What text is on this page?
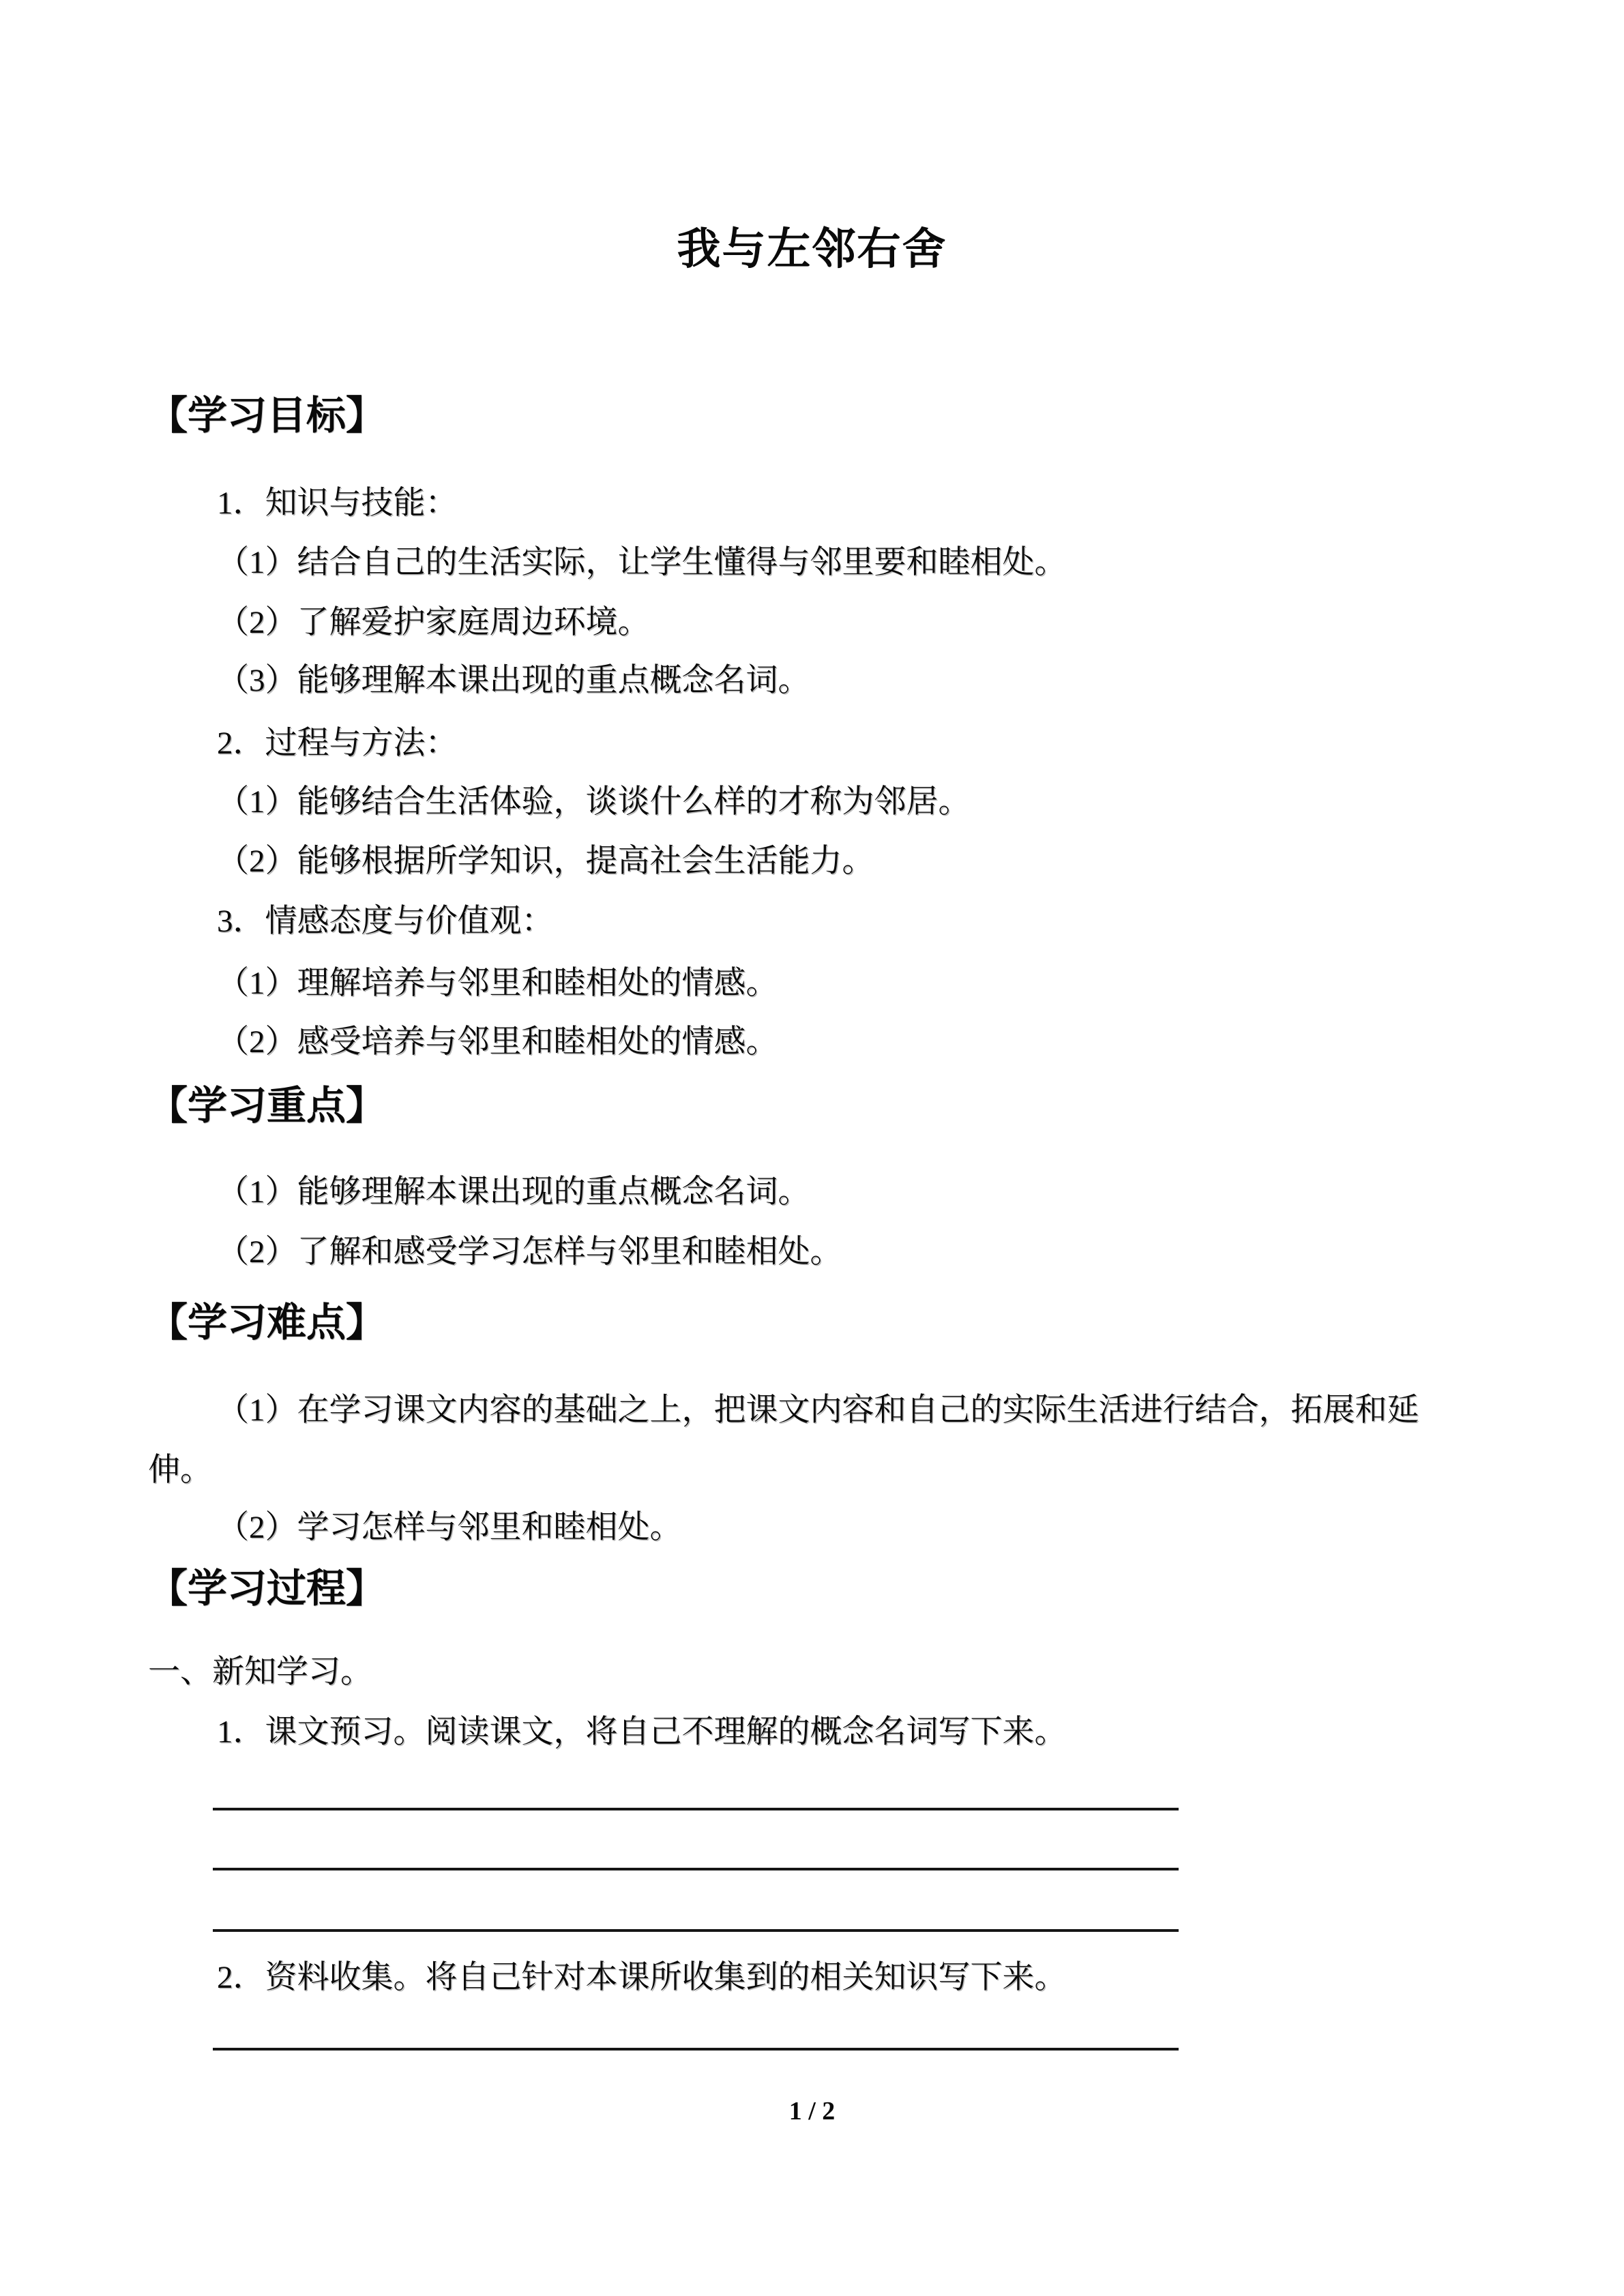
我与左邻右舍
【学习目标】
1．知识与技能：
（1）结合自己的生活实际，让学生懂得与邻里要和睦相处。
（2）了解爱护家庭周边环境。
（3）能够理解本课出现的重点概念名词。
2．过程与方法：
（1）能够结合生活体验，谈谈什么样的才称为邻居。
（2）能够根据所学知识，提高社会生活能力。
3．情感态度与价值观：
（1）理解培养与邻里和睦相处的情感。
（2）感受培养与邻里和睦相处的情感。
【学习重点】
（1）能够理解本课出现的重点概念名词。
（2）了解和感受学习怎样与邻里和睦相处。
【学习难点】
（1）在学习课文内容的基础之上，把课文内容和自己的实际生活进行结合，拓展和延
伸。
（2）学习怎样与邻里和睦相处。
【学习过程】
一、新知学习。
1．课文预习。阅读课文，将自己不理解的概念名词写下来。
2．资料收集。将自己针对本课所收集到的相关知识写下来。
1 / 2
